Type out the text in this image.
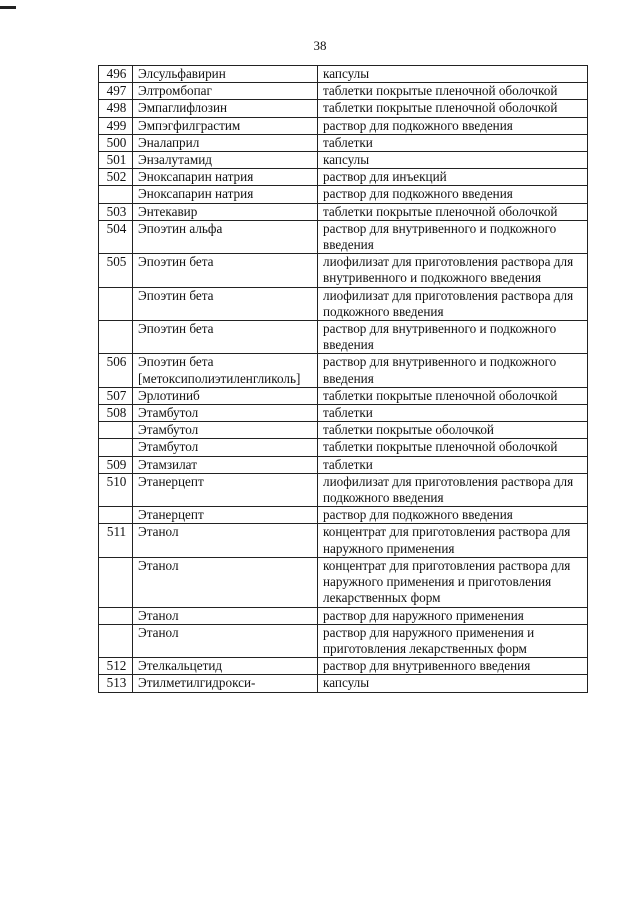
38
496	Элсульфавирин	капсулы
497	Элтромбопаг	таблетки покрытые пленочной оболочкой
498	Эмпаглифлозин	таблетки покрытые пленочной оболочкой
499	Эмпэгфилграстим	раствор для подкожного введения
500	Эналаприл	таблетки
501	Энзалутамид	капсулы
502	Эноксапарин натрия	раствор для инъекций
	Эноксапарин натрия	раствор для подкожного введения
503	Энтекавир	таблетки покрытые пленочной оболочкой
504	Эпоэтин альфа	раствор для внутривенного и подкожного введения
505	Эпоэтин бета	лиофилизат для приготовления раствора для внутривенного и подкожного введения
	Эпоэтин бета	лиофилизат для приготовления раствора для подкожного введения
	Эпоэтин бета	раствор для внутривенного и подкожного введения
506	Эпоэтин бета [метоксиполиэтиленгликоль]	раствор для внутривенного и подкожного введения
507	Эрлотиниб	таблетки покрытые пленочной оболочкой
508	Этамбутол	таблетки
	Этамбутол	таблетки покрытые оболочкой
	Этамбутол	таблетки покрытые пленочной оболочкой
509	Этамзилат	таблетки
510	Этанерцепт	лиофилизат для приготовления раствора для подкожного введения
	Этанерцепт	раствор для подкожного введения
511	Этанол	концентрат для приготовления раствора для наружного применения
	Этанол	концентрат для приготовления раствора для наружного применения и приготовления лекарственных форм
	Этанол	раствор для наружного применения
	Этанол	раствор для наружного применения и приготовления лекарственных форм
512	Этелкальцетид	раствор для внутривенного введения
513	Этилметилгидрокси-	капсулы
